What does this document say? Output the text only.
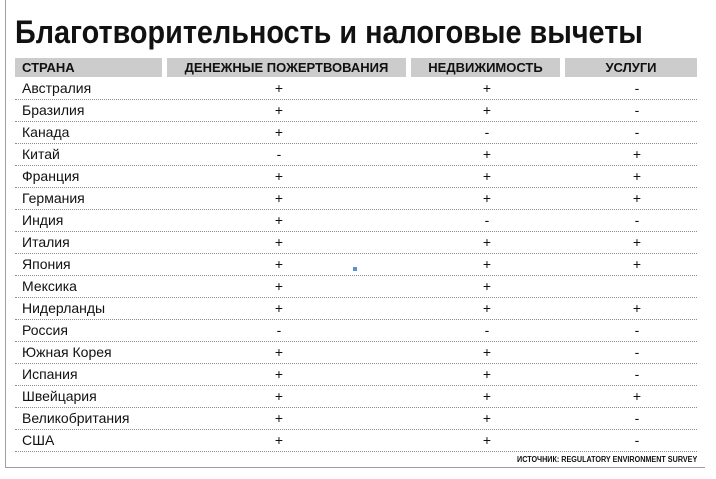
Благотворительность и налоговые вычеты
СТРАНА	ДЕНЕЖНЫЕ ПОЖЕРТВОВАНИЯ	НЕДВИЖИМОСТЬ	УСЛУГИ
Австралия	+	+	-
Бразилия	+	+	-
Канада	+	-	-
Китай	-	+	+
Франция	+	+	+
Германия	+	+	+
Индия	+	-	-
Италия	+	+	+
Япония	+	+	+
Мексика	+	+
Нидерланды	+	+	+
Россия	-	-	-
Южная Корея	+	+	-
Испания	+	+	-
Швейцария	+	+	+
Великобритания	+	+	-
США	+	+	-
ИСТОЧНИК: REGULATORY ENVIRONMENT SURVEY
